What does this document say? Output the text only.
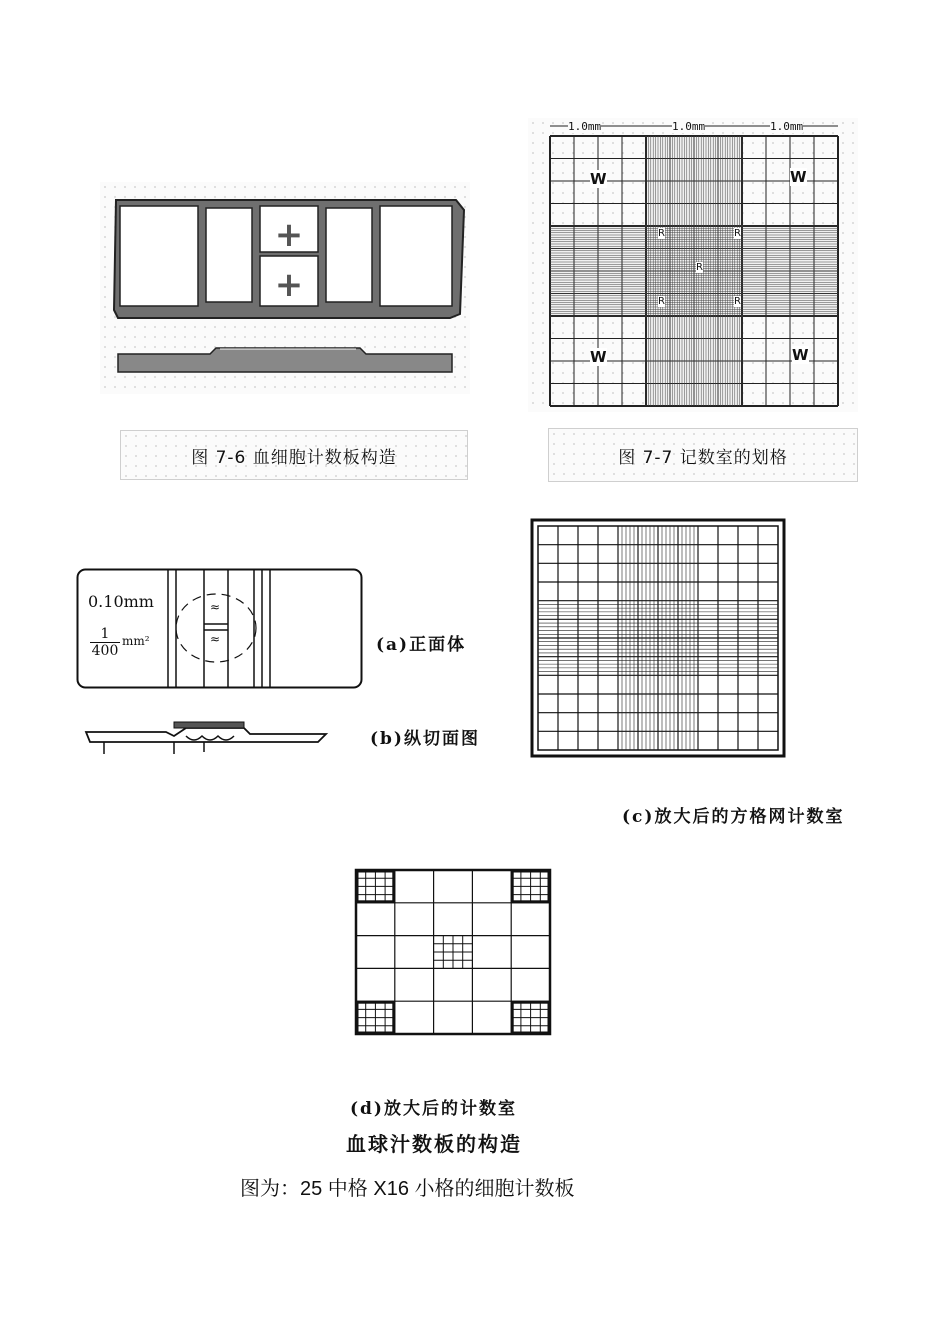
+
+
图 7-6 血细胞计数板构造
1.0mm	1.0mm	1.0mm
W	W
W	W
R	R
R
R	R
图 7-7 记数室的划格
0.10mm
1
400
mm²
≈
≈	(a)正面体
(b)纵切面图
(c)放大后的方格网计数室
(d)放大后的计数室
血球汁数板的构造
图为：25 中格 X16 小格的细胞计数板
